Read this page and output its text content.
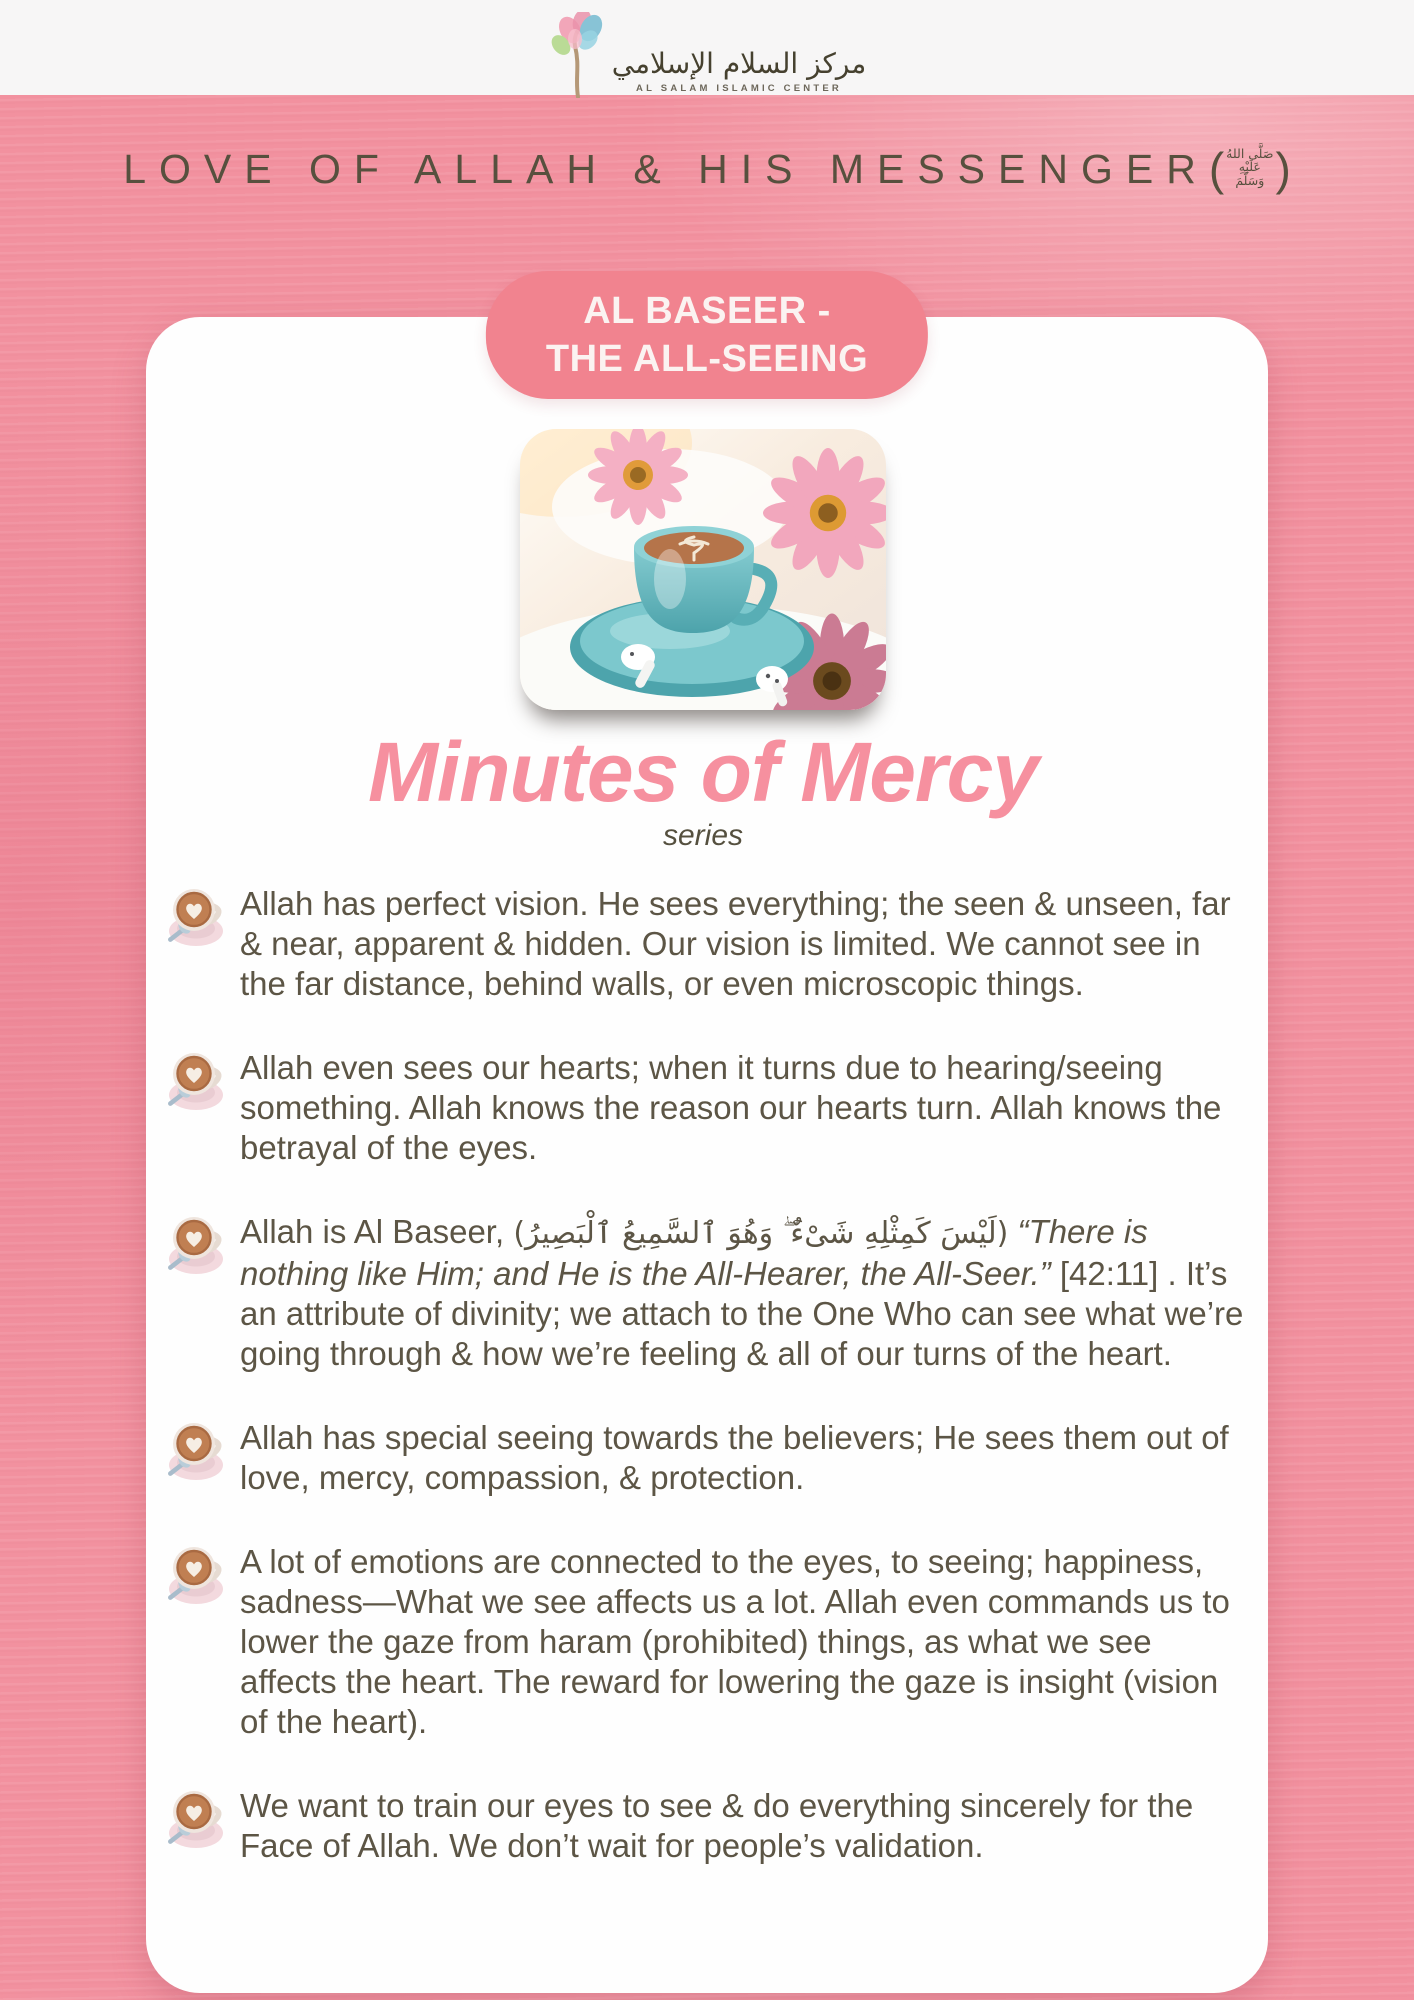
مركز السلام الإسلامي
AL SALAM ISLAMIC CENTER
LOVE OF ALLAH & HIS MESSENGER ( صَلَّى اللهُ
عَلَيْهِ
وَسَلَّمَ )
AL BASEER -
THE ALL-SEEING
Minutes of Mercy
series

Allah has perfect vision. He sees everything; the seen & unseen, far & near, apparent & hidden. Our vision is limited. We cannot see in the far distance, behind walls, or even microscopic things.

Allah even sees our hearts; when it turns due to hearing/seeing something. Allah knows the reason our hearts turn. Allah knows the betrayal of the eyes.

Allah is Al Baseer, (لَيْسَ كَمِثْلِهِ شَىْءٌ ۖ وَهُوَ ٱلسَّمِيعُ ٱلْبَصِيرُ) “There is nothing like Him; and He is the All-Hearer, the All-Seer.” [42:11] . It’s an attribute of divinity; we attach to the One Who can see what we’re going through & how we’re feeling & all of our turns of the heart.

Allah has special seeing towards the believers; He sees them out of love, mercy, compassion, & protection.

A lot of emotions are connected to the eyes, to seeing; happiness, sadness—What we see affects us a lot. Allah even commands us to lower the gaze from haram (prohibited) things, as what we see affects the heart. The reward for lowering the gaze is insight (vision of the heart).

We want to train our eyes to see & do everything sincerely for the Face of Allah. We don’t wait for people’s validation.
